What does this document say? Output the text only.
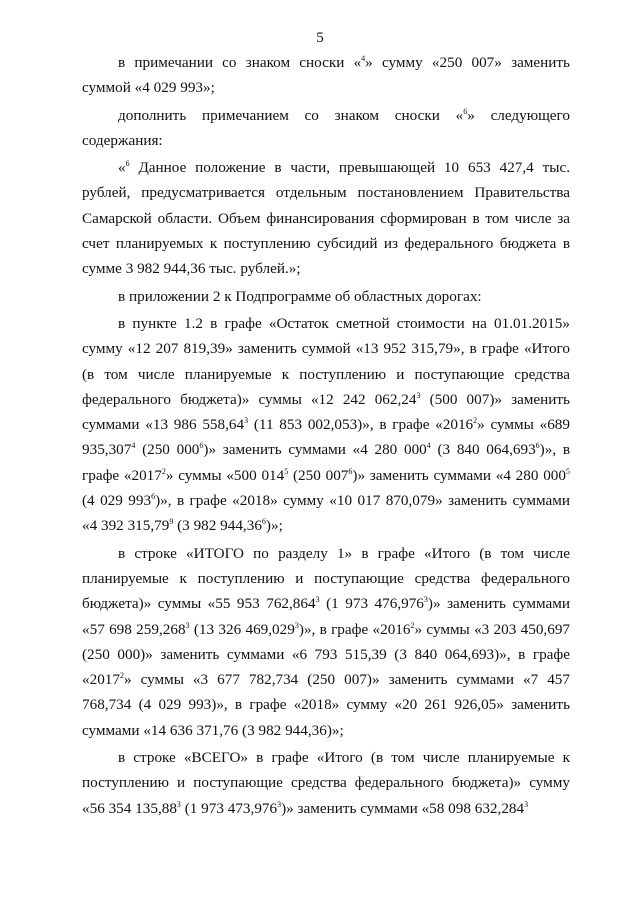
5

в примечании со знаком сноски «$^4$» сумму «250 007» заменить суммой «4 029 993»;

дополнить примечанием со знаком сноски «$^6$» следующего содержания:

«$^6$ Данное положение в части, превышающей 10 653 427,4 тыс. рублей, предусматривается отдельным постановлением Правительства Самарской области. Объем финансирования сформирован в том числе за счет планируемых к поступлению субсидий из федерального бюджета в сумме 3 982 944,36 тыс. рублей.»;

в приложении 2 к Подпрограмме об областных дорогах:

в пункте 1.2 в графе «Остаток сметной стоимости на 01.01.2015» сумму «12 207 819,39» заменить суммой «13 952 315,79», в графе «Итого (в том числе планируемые к поступлению и поступающие средства федерального бюджета)» суммы «12 242 062,24$^3$ (500 007)» заменить суммами «13 986 558,64$^3$ (11 853 002,053)», в графе «2016$^2$» суммы «689 935,307$^4$ (250 $000^6$)» заменить суммами «4 280 $000^4$ (3 840 064,693$^6$)», в графе «2017$^2$» суммы «500 $014^5$ (250 $007^6$)» заменить суммами «4 280 $000^5$ (4 029 $993^6$)», в графе «2018» сумму «10 017 870,079» заменить суммами «4 392 315,79$^9$ (3 982 944,36$^6$)»;

в строке «ИТОГО по разделу 1» в графе «Итого (в том числе планируемые к поступлению и поступающие средства федерального бюджета)» суммы «55 953 762,864$^3$ (1 973 476,976$^3$)» заменить суммами «57 698 259,268$^3$ (13 326 469,029$^3$)», в графе «2016$^2$» суммы «3 203 450,697 (250 000)» заменить суммами «6 793 515,39 (3 840 064,693)», в графе «2017$^2$» суммы «3 677 782,734 (250 007)» заменить суммами «7 457 768,734 (4 029 993)», в графе «2018» сумму «20 261 926,05» заменить суммами «14 636 371,76 (3 982 944,36)»;

в строке «ВСЕГО» в графе «Итого (в том числе планируемые к поступлению и поступающие средства федерального бюджета)» сумму «56 354 135,88$^3$ (1 973 473,976$^3$)» заменить суммами «58 098 632,284$^3$
